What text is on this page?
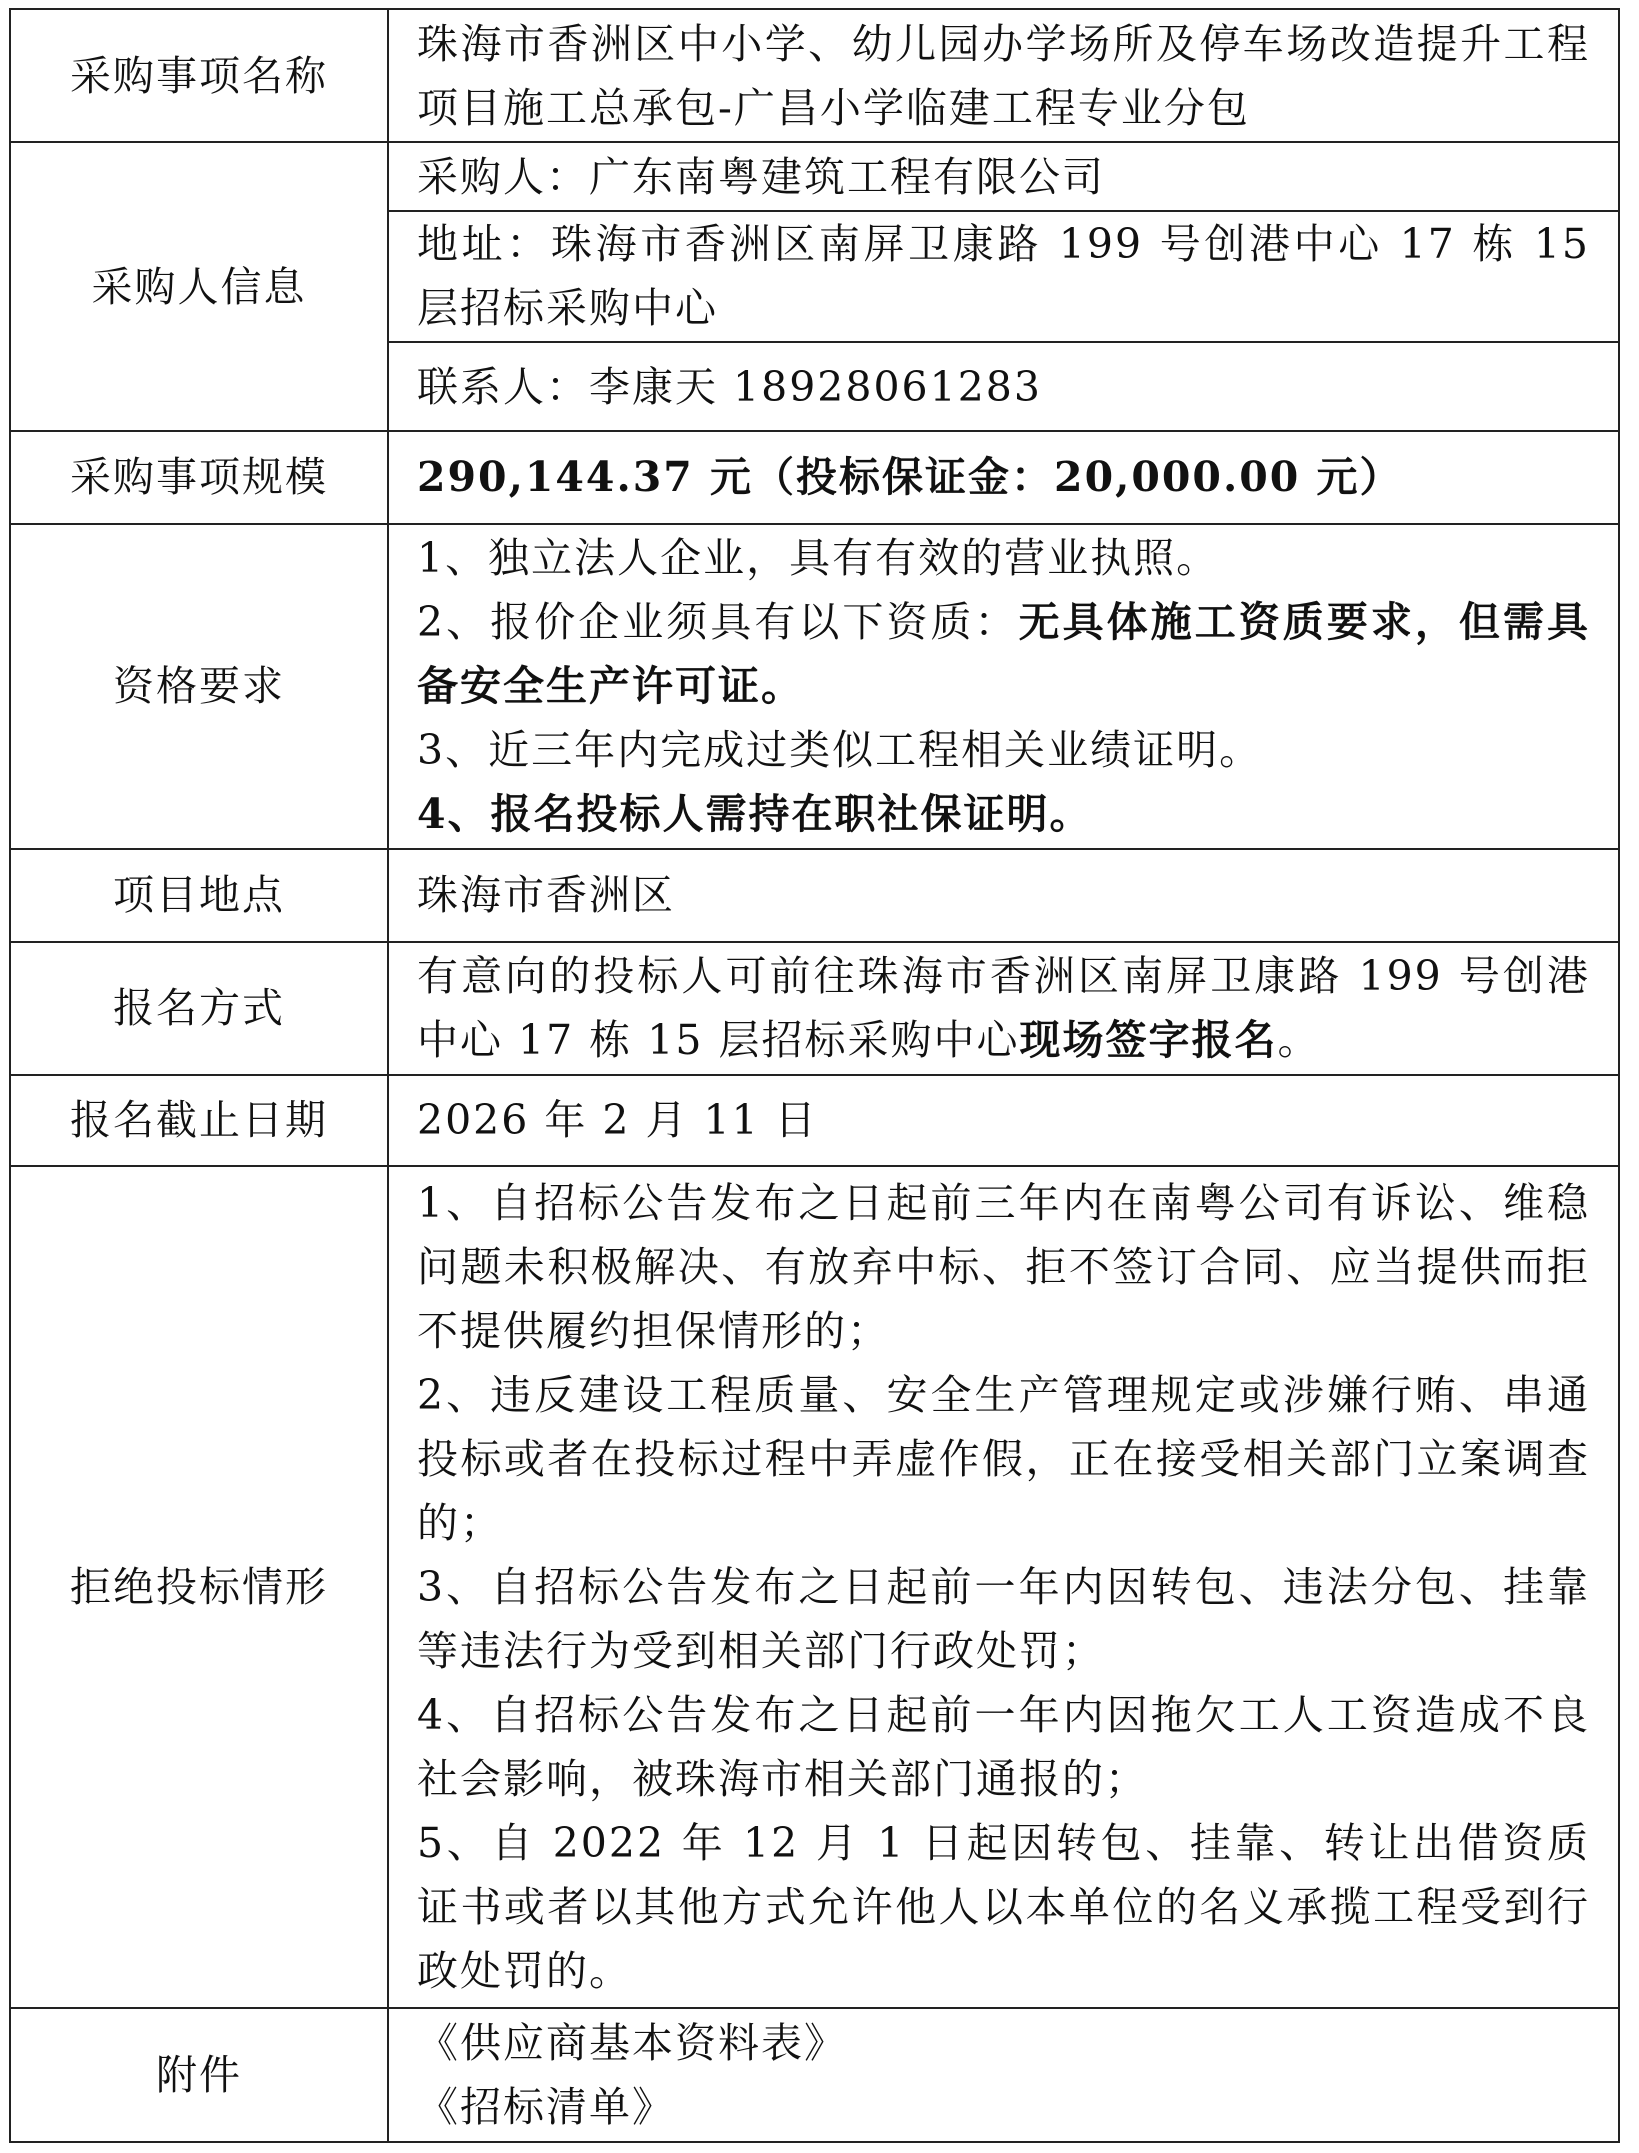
采购事项名称	珠海市香洲区中小学、幼儿园办学场所及停车场改造提升工程项目施工总承包-广昌小学临建工程专业分包
采购人信息	采购人：广东南粤建筑工程有限公司
	地址：珠海市香洲区南屏卫康路 199 号创港中心 17 栋 15 层招标采购中心
	联系人：李康天 18928061283
采购事项规模	290,144.37 元（投标保证金：20,000.00 元）
资格要求	1、独立法人企业，具有有效的营业执照。
2、报价企业须具有以下资质：无具体施工资质要求，但需具备安全生产许可证。
3、近三年内完成过类似工程相关业绩证明。
4、报名投标人需持在职社保证明。

项目地点	珠海市香洲区
报名方式	有意向的投标人可前往珠海市香洲区南屏卫康路 199 号创港中心 17 栋 15 层招标采购中心现场签字报名。
报名截止日期	2026 年 2 月 11 日
拒绝投标情形	1、自招标公告发布之日起前三年内在南粤公司有诉讼、维稳问题未积极解决、有放弃中标、拒不签订合同、应当提供而拒不提供履约担保情形的；
2、违反建设工程质量、安全生产管理规定或涉嫌行贿、串通投标或者在投标过程中弄虚作假，正在接受相关部门立案调查的；
3、自招标公告发布之日起前一年内因转包、违法分包、挂靠等违法行为受到相关部门行政处罚；
4、自招标公告发布之日起前一年内因拖欠工人工资造成不良社会影响，被珠海市相关部门通报的；
5、自 2022 年 12 月 1 日起因转包、挂靠、转让出借资质证书或者以其他方式允许他人以本单位的名义承揽工程受到行政处罚的。

附件	《供应商基本资料表》
《招标清单》
